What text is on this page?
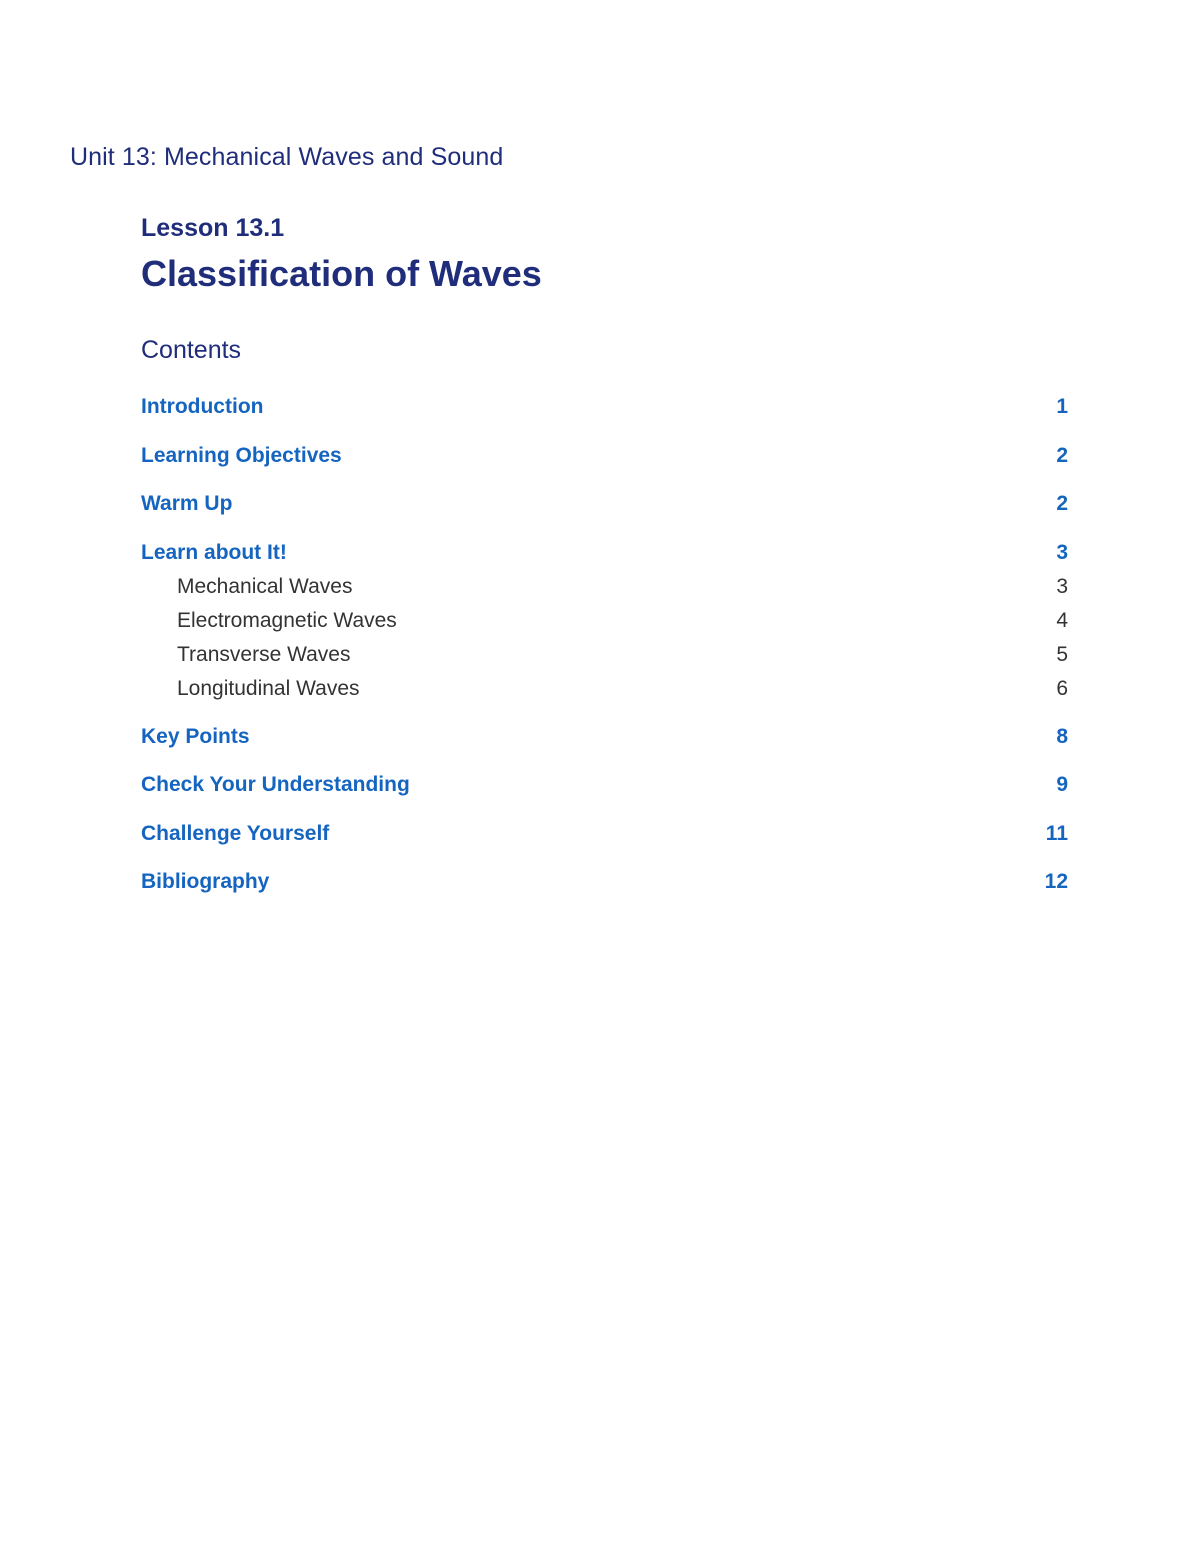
Unit 13: Mechanical Waves and Sound
Lesson 13.1
Classification of Waves
Contents
Introduction	1
Learning Objectives	2
Warm Up	2
Learn about It!	3
Mechanical Waves	3
Electromagnetic Waves	4
Transverse Waves	5
Longitudinal Waves	6
Key Points	8
Check Your Understanding	9
Challenge Yourself	11
Bibliography	12
